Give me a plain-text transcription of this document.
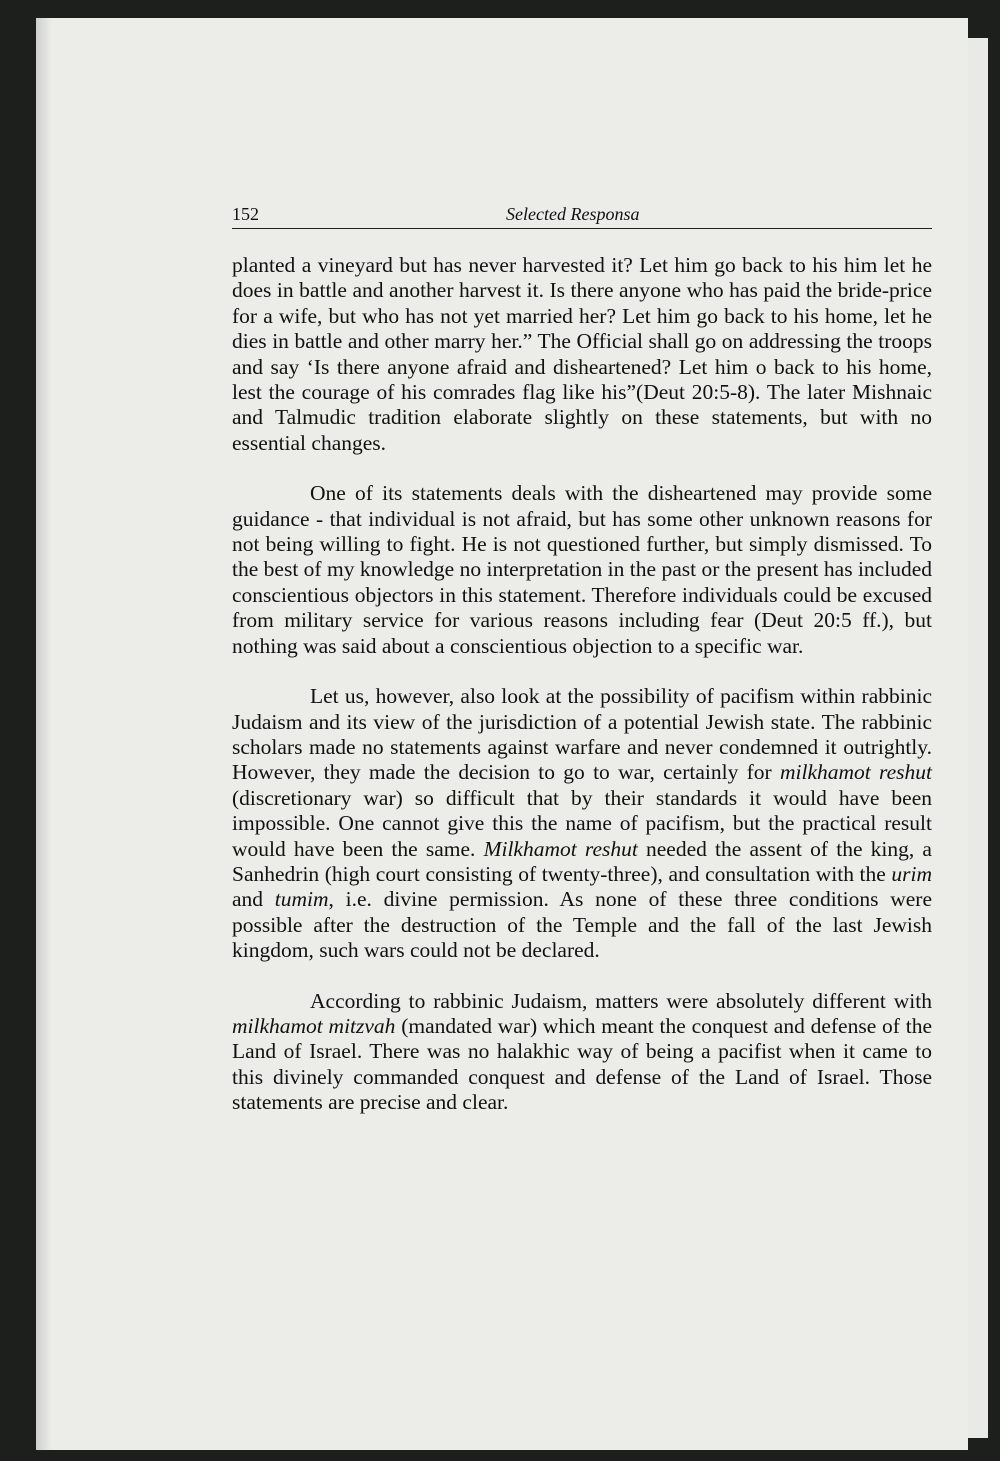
152	Selected Responsa

planted a vineyard but has never harvested it? Let him go back to his him let he does in battle and another harvest it. Is there anyone who has paid the bride-price for a wife, but who has not yet married her? Let him go back to his home, let he dies in battle and other marry her.” The Official shall go on addressing the troops and say ‘Is there anyone afraid and disheartened? Let him o back to his home, lest the courage of his comrades flag like his”(Deut 20:5-8). The later Mishnaic and Talmudic tradition elaborate slightly on these statements, but with no essential changes.

One of its statements deals with the disheartened may provide some guidance - that individual is not afraid, but has some other unknown reasons for not being willing to fight. He is not questioned further, but simply dismissed. To the best of my knowledge no interpretation in the past or the present has included conscientious objectors in this statement. Therefore individuals could be excused from military service for various reasons including fear (Deut 20:5 ff.), but nothing was said about a conscientious objection to a specific war.

Let us, however, also look at the possibility of pacifism within rabbinic Judaism and its view of the jurisdiction of a potential Jewish state. The rabbinic scholars made no statements against warfare and never condemned it outrightly. However, they made the decision to go to war, certainly for milkhamot reshut (discretionary war) so difficult that by their standards it would have been impossible. One cannot give this the name of pacifism, but the practical result would have been the same. Milkhamot reshut needed the assent of the king, a Sanhedrin (high court consisting of twenty-three), and consultation with the urim and tumim, i.e. divine permission. As none of these three conditions were possible after the destruction of the Temple and the fall of the last Jewish kingdom, such wars could not be declared.

According to rabbinic Judaism, matters were absolutely different with milkhamot mitzvah (mandated war) which meant the conquest and defense of the Land of Israel. There was no halakhic way of being a pacifist when it came to this divinely commanded conquest and defense of the Land of Israel. Those statements are precise and clear.
